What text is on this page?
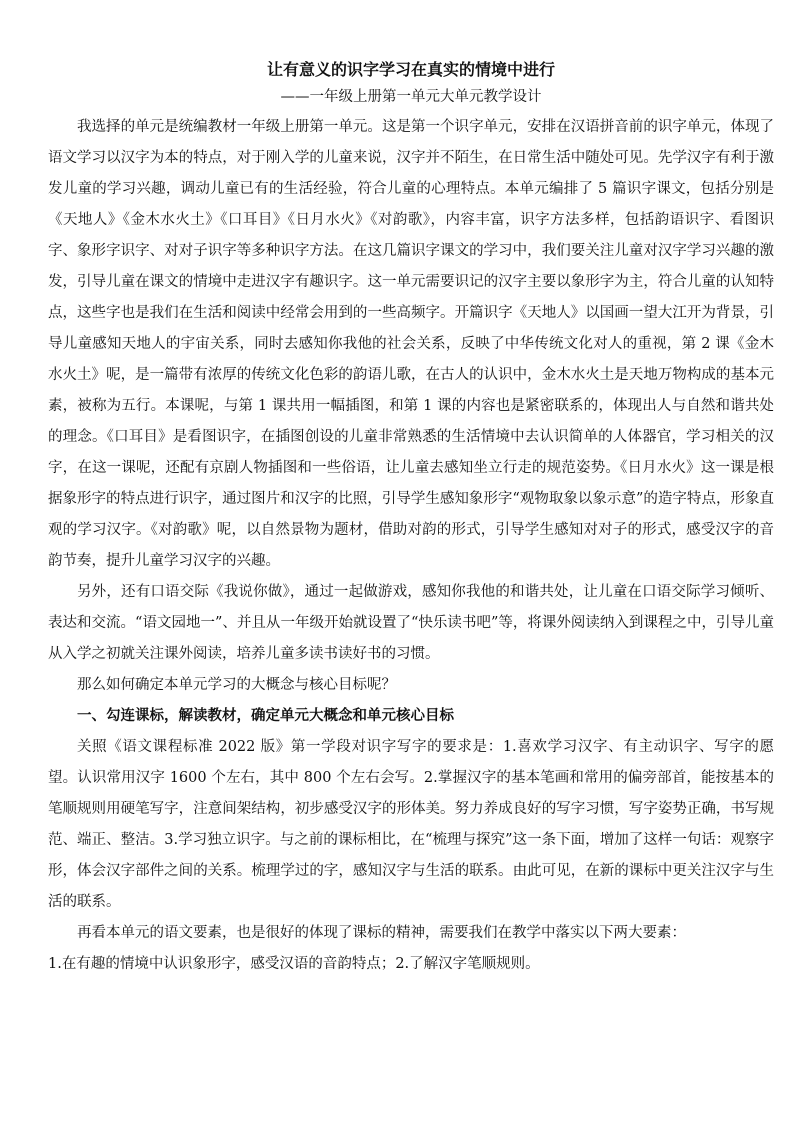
让有意义的识字学习在真实的情境中进行
——一年级上册第一单元大单元教学设计

我选择的单元是统编教材一年级上册第一单元。这是第一个识字单元，安排在汉语拼音前的识字单元，体现了语文学习以汉字为本的特点，对于刚入学的儿童来说，汉字并不陌生，在日常生活中随处可见。先学汉字有利于激发儿童的学习兴趣，调动儿童已有的生活经验，符合儿童的心理特点。本单元编排了 5 篇识字课文，包括分别是《天地人》《金木水火土》《口耳目》《日月水火》《对韵歌》，内容丰富，识字方法多样，包括韵语识字、看图识字、象形字识字、对对子识字等多种识字方法。在这几篇识字课文的学习中，我们要关注儿童对汉字学习兴趣的激发，引导儿童在课文的情境中走进汉字有趣识字。这一单元需要识记的汉字主要以象形字为主，符合儿童的认知特点，这些字也是我们在生活和阅读中经常会用到的一些高频字。开篇识字《天地人》以国画一望大江开为背景，引导儿童感知天地人的宇宙关系，同时去感知你我他的社会关系，反映了中华传统文化对人的重视，第 2 课《金木水火土》呢，是一篇带有浓厚的传统文化色彩的韵语儿歌，在古人的认识中，金木水火土是天地万物构成的基本元素，被称为五行。本课呢，与第 1 课共用一幅插图，和第 1 课的内容也是紧密联系的，体现出人与自然和谐共处的理念。《口耳目》是看图识字，在插图创设的儿童非常熟悉的生活情境中去认识简单的人体器官，学习相关的汉字，在这一课呢，还配有京剧人物插图和一些俗语，让儿童去感知坐立行走的规范姿势。《日月水火》这一课是根据象形字的特点进行识字，通过图片和汉字的比照，引导学生感知象形字“观物取象以象示意”的造字特点，形象直观的学习汉字。《对韵歌》呢，以自然景物为题材，借助对韵的形式，引导学生感知对对子的形式，感受汉字的音韵节奏，提升儿童学习汉字的兴趣。

另外，还有口语交际《我说你做》，通过一起做游戏，感知你我他的和谐共处，让儿童在口语交际学习倾听、表达和交流。“语文园地一”、并且从一年级开始就设置了“快乐读书吧”等，将课外阅读纳入到课程之中，引导儿童从入学之初就关注课外阅读，培养儿童多读书读好书的习惯。

那么如何确定本单元学习的大概念与核心目标呢？

一、勾连课标，解读教材，确定单元大概念和单元核心目标

关照《语文课程标准 2022 版》第一学段对识字写字的要求是：1.喜欢学习汉字、有主动识字、写字的愿望。认识常用汉字 1600 个左右，其中 800 个左右会写。2.掌握汉字的基本笔画和常用的偏旁部首，能按基本的笔顺规则用硬笔写字，注意间架结构，初步感受汉字的形体美。努力养成良好的写字习惯，写字姿势正确，书写规范、端正、整洁。3.学习独立识字。与之前的课标相比，在“梳理与探究”这一条下面，增加了这样一句话：观察字形，体会汉字部件之间的关系。梳理学过的字，感知汉字与生活的联系。由此可见，在新的课标中更关注汉字与生活的联系。

再看本单元的语文要素，也是很好的体现了课标的精神，需要我们在教学中落实以下两大要素：

1.在有趣的情境中认识象形字，感受汉语的音韵特点；2.了解汉字笔顺规则。
